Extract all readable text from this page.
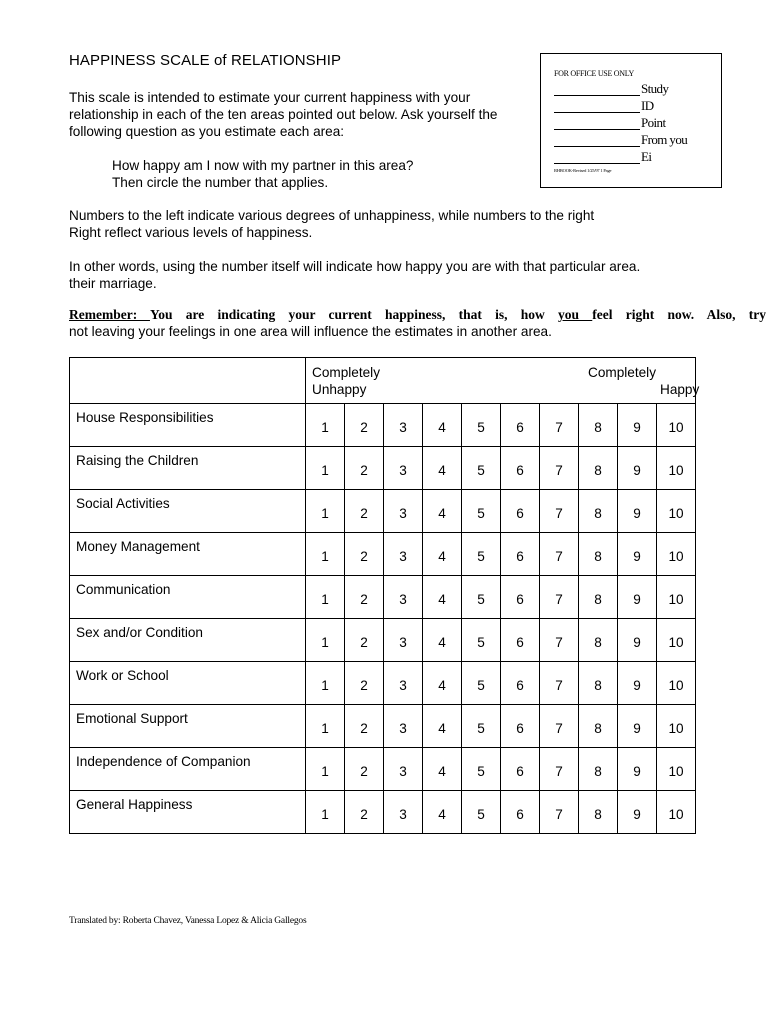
HAPPINESS SCALE of RELATIONSHIP
This scale is intended to estimate your current happiness with your relationship in each of the ten areas pointed out below. Ask yourself the following question as you estimate each area:
How happy am I now with my partner in this area?
Then circle the number that applies.
Numbers to the left indicate various degrees of unhappiness, while numbers to the right
Right reflect various levels of happiness.
In other words, using the number itself will indicate how happy you are with that particular area.
their marriage.
Remember: You are indicating your current happiness, that is, how you feel right now. Also, try
not leaving your feelings in one area will influence the estimates in another area.
FOR OFFICE USE ONLY
Study
ID
Point
From you
Ei
RHBOOK-Revised 1/25/97 1 Page

	Completely
Unhappy
Completely
Happy									

House Responsibilities	1	2	3	4	5	6	7	8	9	10
Raising the Children	1	2	3	4	5	6	7	8	9	10
Social Activities	1	2	3	4	5	6	7	8	9	10
Money Management	1	2	3	4	5	6	7	8	9	10
Communication	1	2	3	4	5	6	7	8	9	10
Sex and/or Condition	1	2	3	4	5	6	7	8	9	10
Work or School	1	2	3	4	5	6	7	8	9	10
Emotional Support	1	2	3	4	5	6	7	8	9	10
Independence of Companion	1	2	3	4	5	6	7	8	9	10
General Happiness	1	2	3	4	5	6	7	8	9	10
Translated by: Roberta Chavez, Vanessa Lopez & Alicia Gallegos
